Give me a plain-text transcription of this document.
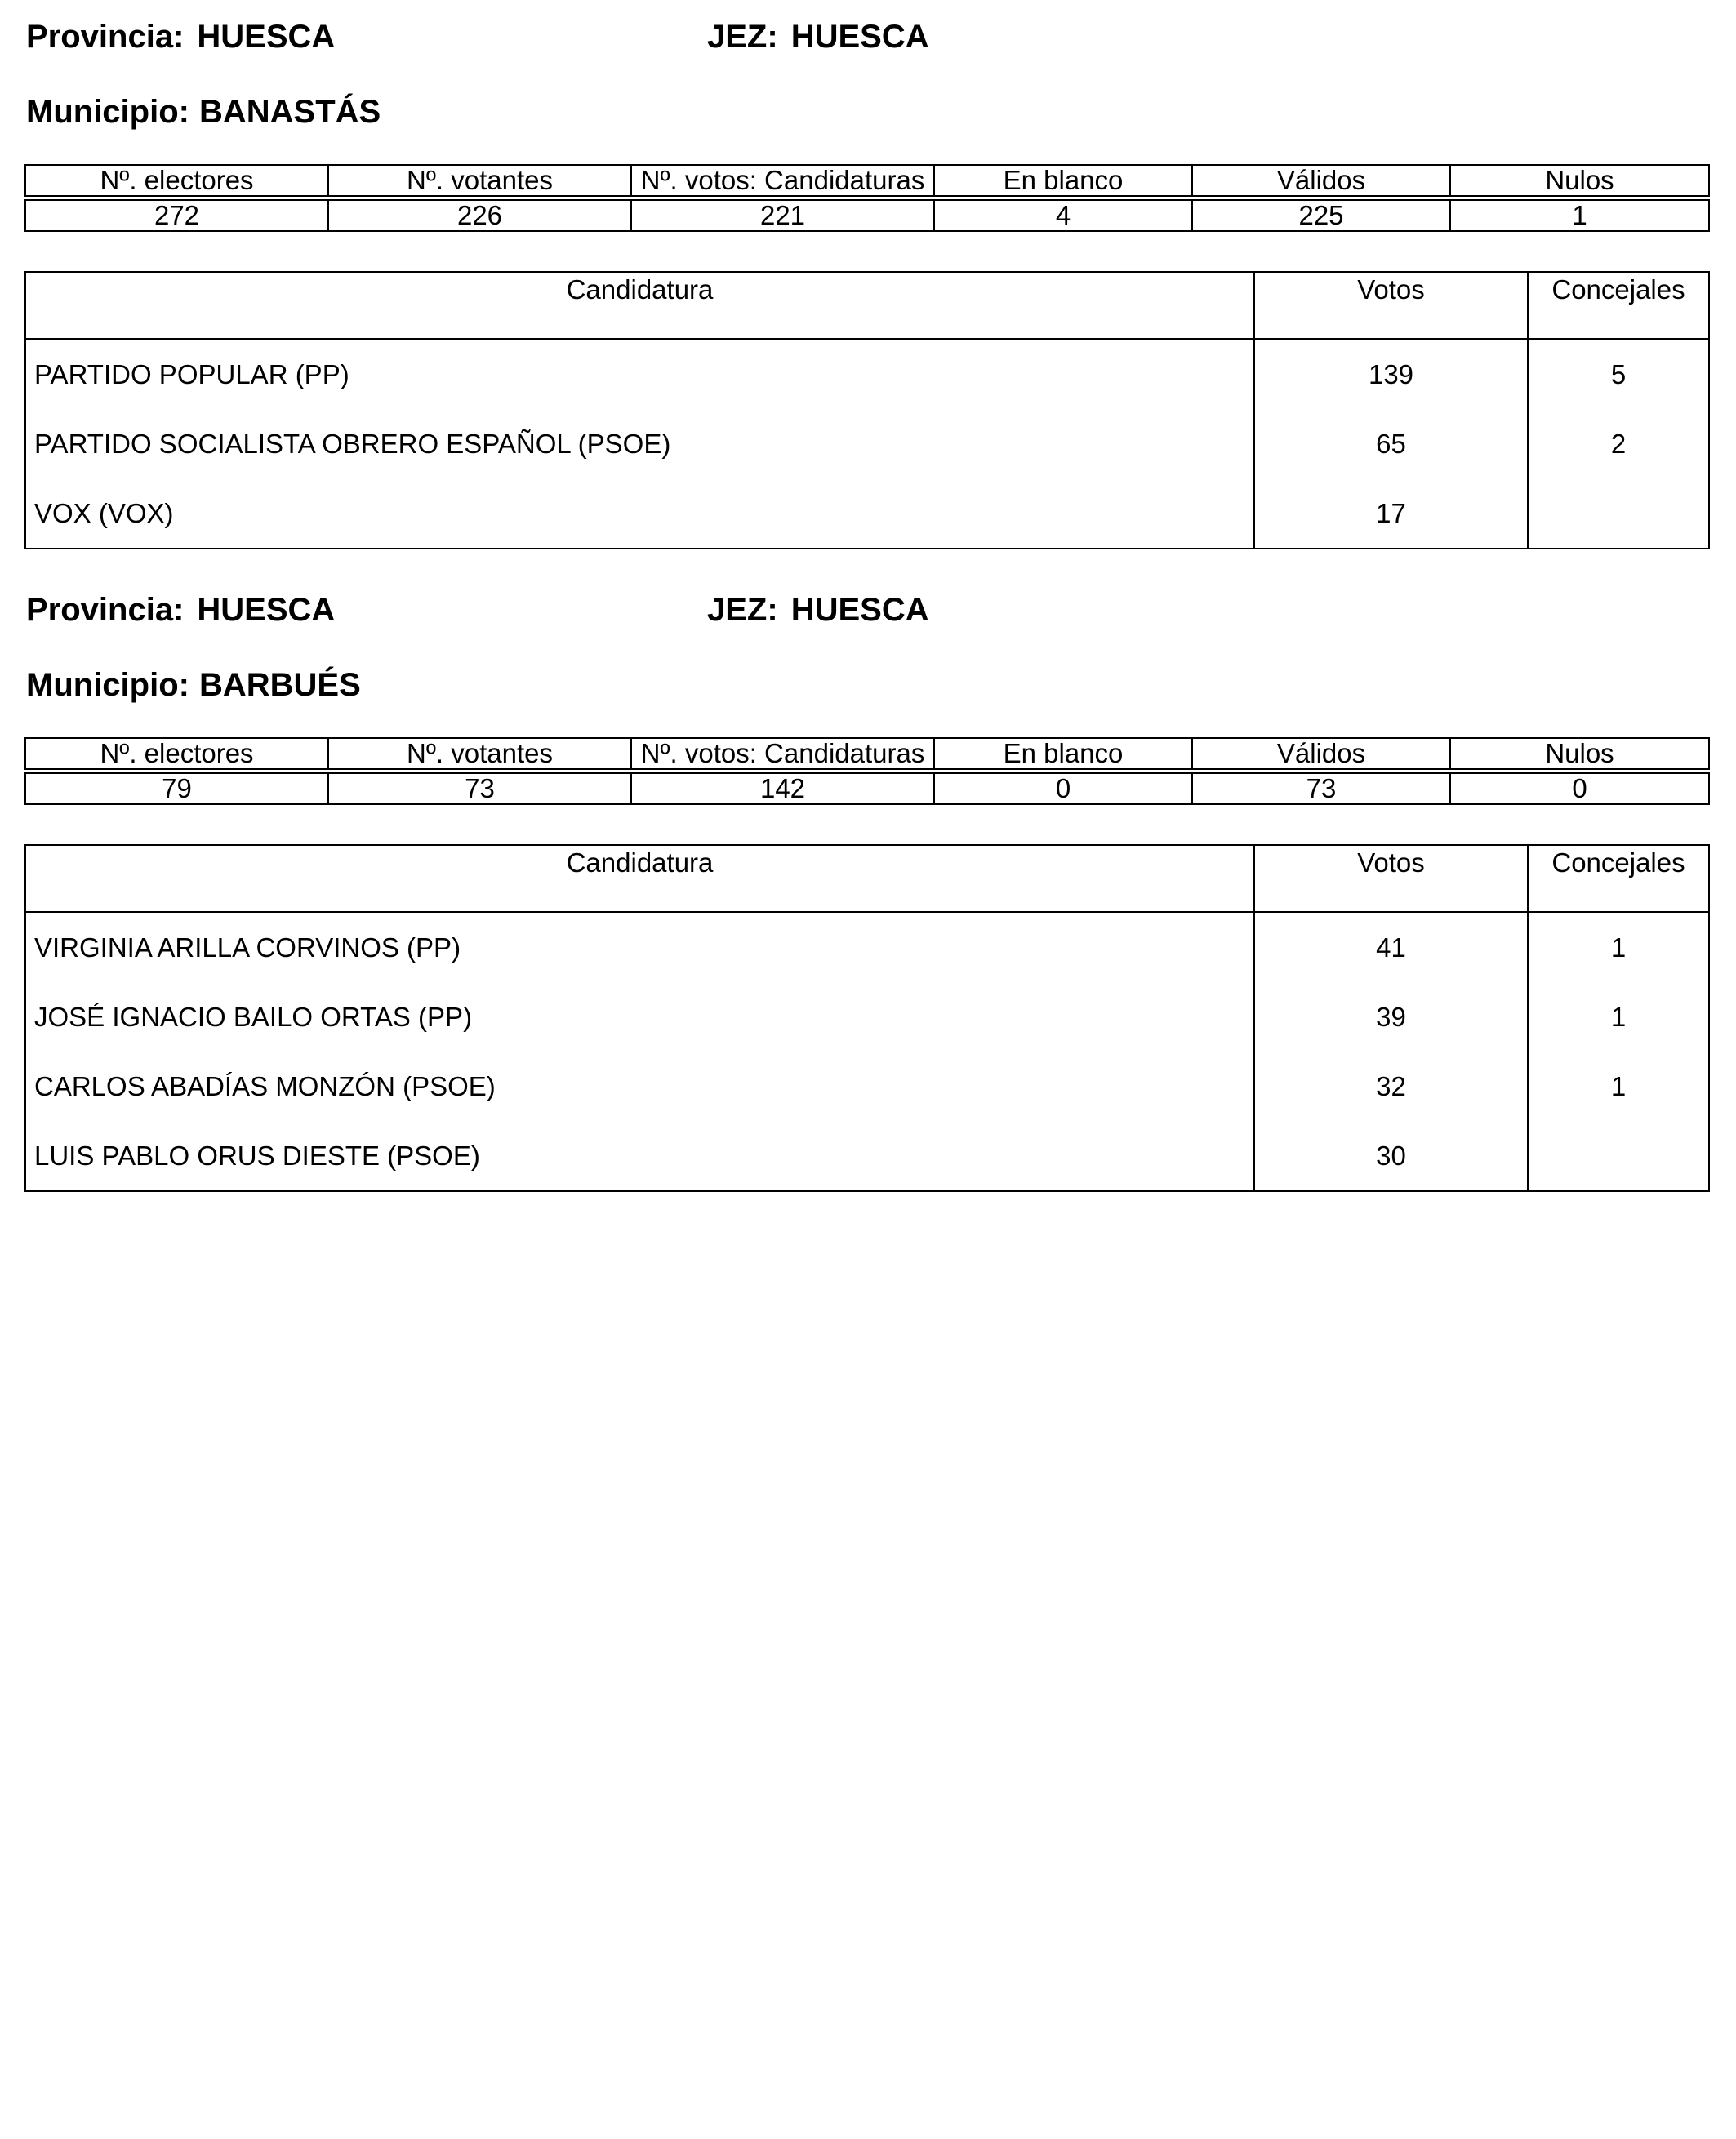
Provincia: HUESCA	JEZ: HUESCA
Municipio: BANASTÁS
Nº. electores	Nº. votantes	Nº. votos: Candidaturas	En blanco	Válidos	Nulos
272	226	221	4	225	1
Candidatura	Votos	Concejales
PARTIDO POPULAR (PP)	139	5
PARTIDO SOCIALISTA OBRERO ESPAÑOL (PSOE)	65	2
VOX (VOX)	17	
Provincia: HUESCA	JEZ: HUESCA
Municipio: BARBUÉS
Nº. electores	Nº. votantes	Nº. votos: Candidaturas	En blanco	Válidos	Nulos
79	73	142	0	73	0
Candidatura	Votos	Concejales
VIRGINIA ARILLA CORVINOS (PP)	41	1
JOSÉ IGNACIO BAILO ORTAS (PP)	39	1
CARLOS ABADÍAS MONZÓN (PSOE)	32	1
LUIS PABLO ORUS DIESTE (PSOE)	30	
